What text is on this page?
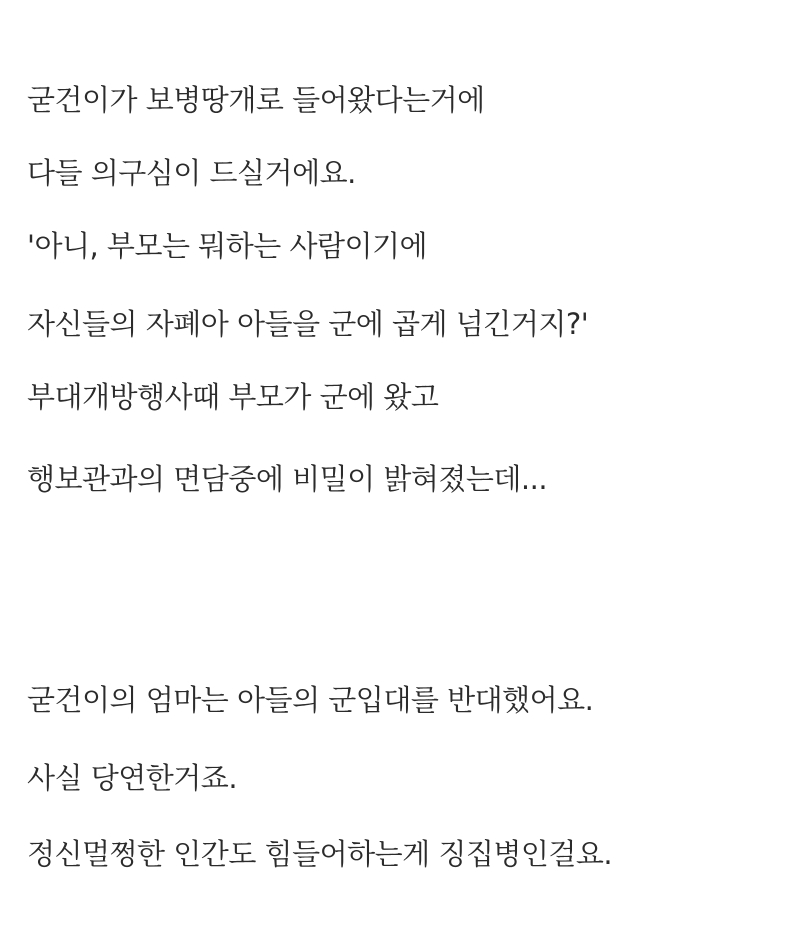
굳건이가 보병땅개로 들어왔다는거에

다들 의구심이 드실거에요.

'아니, 부모는 뭐하는 사람이기에

자신들의 자폐아 아들을 군에 곱게 넘긴거지?'

부대개방행사때 부모가 군에 왔고

행보관과의 면담중에 비밀이 밝혀졌는데...

굳건이의 엄마는 아들의 군입대를 반대했어요.

사실 당연한거죠.

정신멀쩡한 인간도 힘들어하는게 징집병인걸요.
